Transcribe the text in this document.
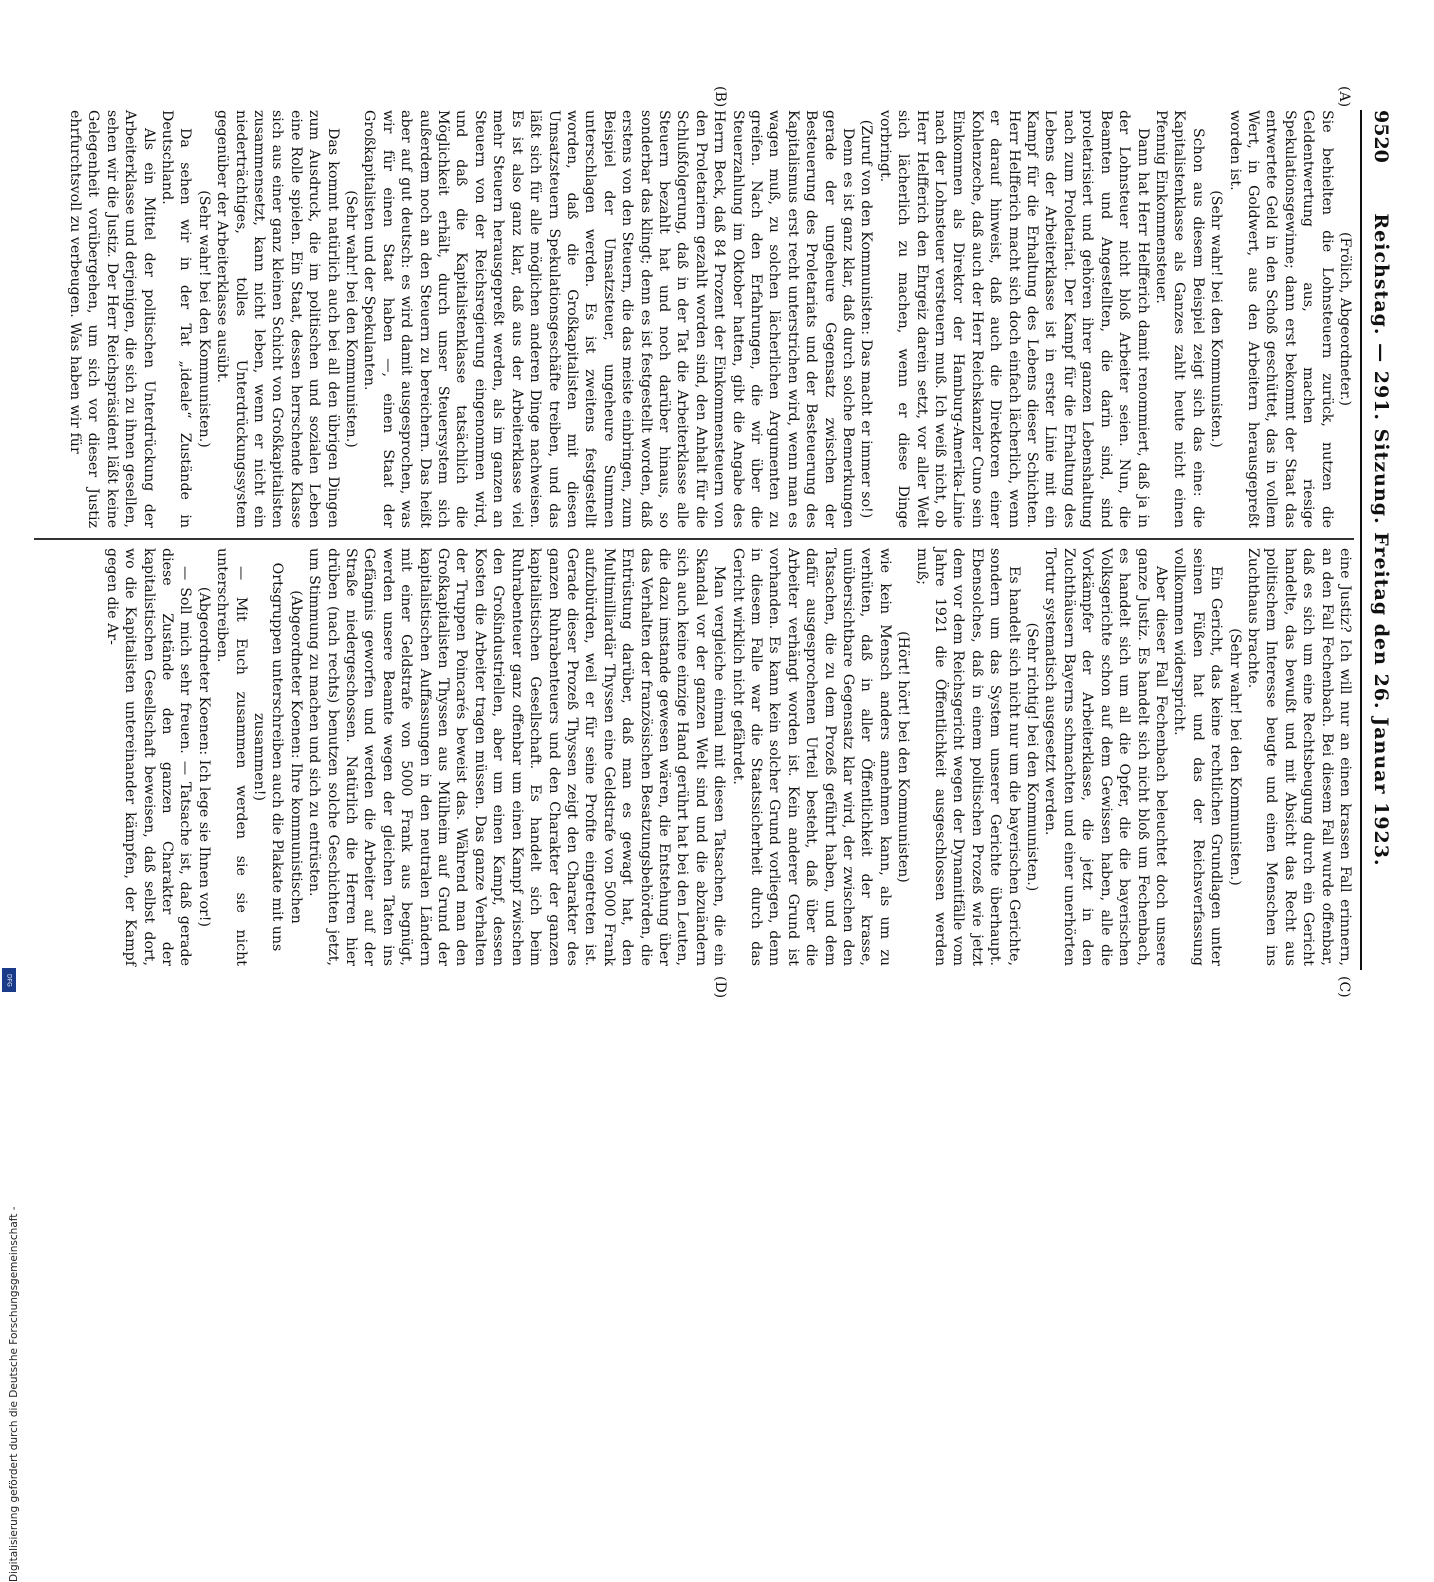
9520
Reichstag. — 291. Sitzung. Freitag den 26. Januar 1923.
(A)
(B)
(C)
(D)

(Frölich, Abgeordneter.)

Sie behielten die Lohnsteuern zurück, nutzen die Geldentwertung aus, machen riesige Spekulationsgewinne; dann erst bekommt der Staat das entwertete Geld in den Schoß geschüttet, das in vollem Wert, in Goldwert, aus den Arbeitern herausgepreßt worden ist.

(Sehr wahr! bei den Kommunisten.)

Schon aus diesem Beispiel zeigt sich das eine: die Kapitalistenklasse als Ganzes zahlt heute nicht einen Pfennig Einkommensteuer.

Dann hat Herr Helfferich damit renommiert, daß ja in der Lohnsteuer nicht bloß Arbeiter seien. Nun, die Beamten und Angestellten, die darin sind, sind proletarisiert und gehören ihrer ganzen Lebenshaltung nach zum Proletariat. Der Kampf für die Erhaltung des Lebens der Arbeiterklasse ist in erster Linie mit ein Kampf für die Erhaltung des Lebens dieser Schichten. Herr Helfferich macht sich doch einfach lächerlich, wenn er darauf hinweist, daß auch die Direktoren einer Kohlenzeche, daß auch der Herr Reichskanzler Cuno sein Einkommen als Direktor der Hamburg-Amerika-Linie nach der Lohnsteuer versteuern muß. Ich weiß nicht, ob Herr Helfferich den Ehrgeiz darein setzt, vor aller Welt sich lächerlich zu machen, wenn er diese Dinge vorbringt.

(Zuruf von den Kommunisten: Das macht er immer so!)

Denn es ist ganz klar, daß durch solche Bemerkungen gerade der ungeheure Gegensatz zwischen der Besteuerung des Proletariats und der Besteuerung des Kapitalismus erst recht unterstrichen wird, wenn man es wagen muß, zu solchen lächerlichen Argumenten zu greifen. Nach den Erfahrungen, die wir über die Steuerzahlung im Oktober hatten, gibt die Angabe des Herrn Beck, daß 84 Prozent der Einkommensteuern von den Proletariern gezahlt worden sind, den Anhalt für die Schlußfolgerung, daß in der Tat die Arbeiterklasse alle Steuern bezahlt hat und noch darüber hinaus, so sonderbar das klingt; denn es ist festgestellt worden, daß erstens von den Steuern, die das meiste einbringen, zum Beispiel der Umsatzsteuer, ungeheure Summen unterschlagen werden. Es ist zweitens festgestellt worden, daß die Großkapitalisten mit diesen Umsatzsteuern Spekulationsgeschäfte treiben, und das läßt sich für alle möglichen anderen Dinge nachweisen. Es ist also ganz klar, daß aus der Arbeiterklasse viel mehr Steuern herausgepreßt werden, als im ganzen an Steuern von der Reichsregierung eingenommen wird, und daß die Kapitalistenklasse tatsächlich die Möglichkeit erhält, durch unser Steuersystem sich außerdem noch an den Steuern zu bereichern. Das heißt aber auf gut deutsch: es wird damit ausgesprochen, was wir für einen Staat haben —, einen Staat der Großkapitalisten und der Spekulanten.

(Sehr wahr! bei den Kommunisten.)

Das kommt natürlich auch bei all den übrigen Dingen zum Ausdruck, die im politischen und sozialen Leben eine Rolle spielen. Ein Staat, dessen herrschende Klasse sich aus einer ganz kleinen Schicht von Großkapitalisten zusammensetzt, kann nicht leben, wenn er nicht ein niederträchtiges, tolles Unterdrückungssystem gegenüber der Arbeiterklasse ausübt.

(Sehr wahr! bei den Kommunisten.)

Da sehen wir in der Tat „ideale“ Zustände in Deutschland.

Als ein Mittel der politischen Unterdrückung der Arbeiterklasse und derjenigen, die sich zu ihnen gesellen, sehen wir die Justiz. Der Herr Reichspräsident läßt keine Gelegenheit vorübergehen, um sich vor dieser Justiz ehrfurchtsvoll zu verbeugen. Was haben wir für

eine Justiz? Ich will nur an einen krassen Fall erinnern, an den Fall Fechenbach. Bei diesem Fall wurde offenbar, daß es sich um eine Rechtsbeugung durch ein Gericht handelte, das bewußt und mit Absicht das Recht aus politischem Interesse beugte und einen Menschen ins Zuchthaus brachte.

(Sehr wahr! bei den Kommunisten.)

Ein Gericht, das keine rechtlichen Grundlagen unter seinen Füßen hat und das der Reichsverfassung vollkommen widerspricht.

Aber dieser Fall Fechenbach beleuchtet doch unsere ganze Justiz. Es handelt sich nicht bloß um Fechenbach, es handelt sich um all die Opfer, die die bayerischen Volksgerichte schon auf dem Gewissen haben, alle die Vorkämpfer der Arbeiterklasse, die jetzt in den Zuchthäusern Bayerns schmachten und einer unerhörten Tortur systematisch ausgesetzt werden.

(Sehr richtig! bei den Kommunisten.)

Es handelt sich nicht nur um die bayerischen Gerichte, sondern um das System unserer Gerichte überhaupt. Ebensolches, daß in einem politischen Prozeß wie jetzt dem vor dem Reichsgericht wegen der Dynamitfälle vom Jahre 1921 die Öffentlichkeit ausgeschlossen werden muß;

(Hört! hört! bei den Kommunisten)

wie kein Mensch anders annehmen kann, als um zu verhüten, daß in aller Öffentlichkeit der krasse, unübersichtbare Gegensatz klar wird, der zwischen den Tatsachen, die zu dem Prozeß geführt haben, und dem dafür ausgesprochenen Urteil besteht, daß über die Arbeiter verhängt worden ist. Kein anderer Grund ist vorhanden. Es kann kein solcher Grund vorliegen, denn in diesem Falle war die Staatssicherheit durch das Gericht wirklich nicht gefährdet.

Man vergleiche einmal mit diesen Tatsachen, die ein Skandal vor der ganzen Welt sind und die abzuändern sich auch keine einzige Hand gerührt hat bei den Leuten, die dazu imstande gewesen wären, die Entstehung über das Verhalten der französischen Besatzungsbehörden, die Entrüstung darüber, daß man es gewagt hat, den Multimilliardär Thyssen eine Geldstrafe von 5000 Frank aufzubürden, weil er für seine Profite eingetreten ist. Gerade dieser Prozeß Thyssen zeigt den Charakter des ganzen Ruhrabenteuers und den Charakter der ganzen kapitalistischen Gesellschaft. Es handelt sich beim Ruhrabenteuer ganz offenbar um einen Kampf zwischen den Großindustriellen, aber um einen Kampf, dessen Kosten die Arbeiter tragen müssen. Das ganze Verhalten der Truppen Poincarés beweist das. Während man den Großkapitalisten Thyssen aus Mülheim auf Grund der kapitalistischen Auffassungen in den neutralen Ländern mit einer Geldstrafe von 5000 Frank aus begnügt, werden unsere Beamte wegen der gleichen Taten ins Gefängnis geworfen und werden die Arbeiter auf der Straße niedergeschossen. Natürlich die Herren hier drüben (nach rechts) benutzen solche Geschichten jetzt, um Stimmung zu machen und sich zu entrüsten.

(Abgeordneter Koenen: Ihre kommunistischen Ortsgruppen unterschreiben auch die Plakate mit uns zusammen!)

— Mit Euch zusammen werden sie sie nicht unterschreiben.

(Abgeordneter Koenen: Ich lege sie Ihnen vor!)

— Soll mich sehr freuen. — Tatsache ist, daß gerade diese Zustände den ganzen Charakter der kapitalistischen Gesellschaft beweisen, daß selbst dort, wo die Kapitalisten untereinander kämpfen, der Kampf gegen die Ar-

Digitalisierung gefördert durch die Deutsche Forschungsgemeinschaft -
DFG
